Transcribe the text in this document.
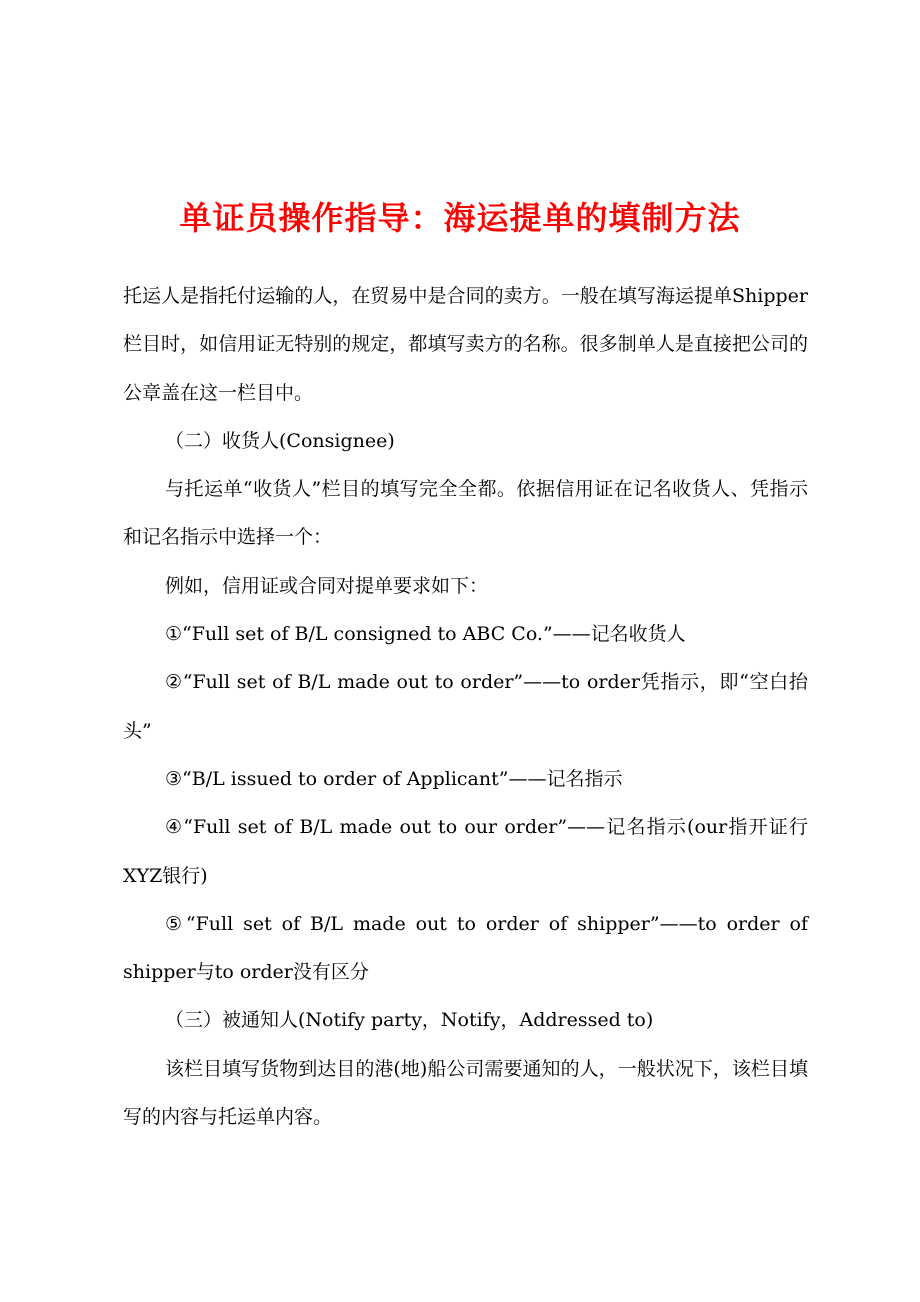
单证员操作指导：海运提单的填制方法

托运人是指托付运输的人，在贸易中是合同的卖方。一般在填写海运提单Shipper栏目时，如信用证无特别的规定，都填写卖方的名称。很多制单人是直接把公司的公章盖在这一栏目中。

（二）收货人(Consignee)

与托运单“收货人”栏目的填写完全全都。依据信用证在记名收货人、凭指示和记名指示中选择一个：

例如，信用证或合同对提单要求如下：

①“Full set of B/L consigned to ABC Co.”——记名收货人

②“Full set of B/L made out to order”——to order凭指示，即“空白抬头”

③“B/L issued to order of Applicant”——记名指示

④“Full set of B/L made out to our order”——记名指示(our指开证行XYZ银行)

⑤“Full set of B/L made out to order of shipper”——to order of shipper与to order没有区分

（三）被通知人(Notify party，Notify，Addressed to)

该栏目填写货物到达目的港(地)船公司需要通知的人，一般状况下，该栏目填写的内容与托运单内容。
